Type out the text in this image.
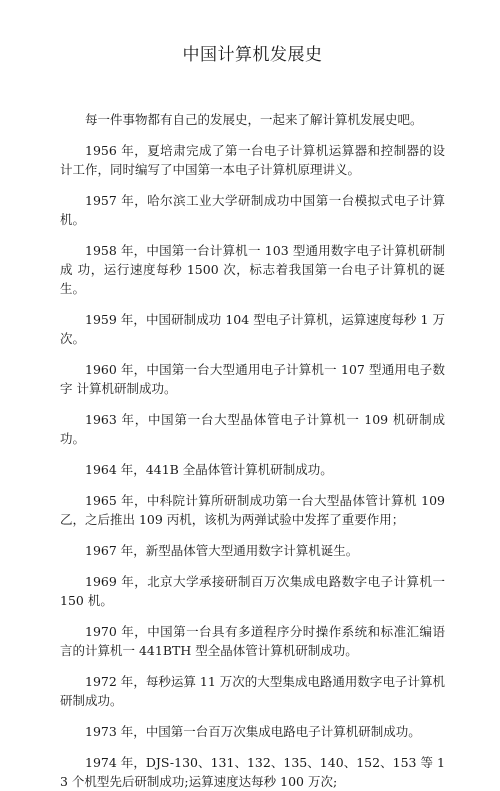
中国计算机发展史

每一件事物都有自己的发展史，一起来了解计算机发展史吧。

1956 年，夏培肃完成了第一台电子计算机运算器和控制器的设 计工作，同时编写了中国第一本电子计算机原理讲义。

1957 年，哈尔滨工业大学研制成功中国第一台模拟式电子计算 机。

1958 年，中国第一台计算机一 103 型通用数字电子计算机研制成 功，运行速度每秒 1500 次，标志着我国第一台电子计算机的诞生。

1959 年，中国研制成功 104 型电子计算机，运算速度每秒 1 万 次。

1960 年，中国第一台大型通用电子计算机一 107 型通用电子数字 计算机研制成功。

1963 年，中国第一台大型晶体管电子计算机一 109 机研制成功。

1964 年，441B 全晶体管计算机研制成功。

1965 年，中科院计算所研制成功第一台大型晶体管计算机 109 乙，之后推出 109 丙机，该机为两弹试验中发挥了重要作用；

1967 年，新型晶体管大型通用数字计算机诞生。

1969 年，北京大学承接研制百万次集成电路数字电子计算机一 150 机。

1970 年，中国第一台具有多道程序分时操作系统和标准汇编语 言的计算机一 441BTH 型全晶体管计算机研制成功。

1972 年，每秒运算 11 万次的大型集成电路通用数字电子计算机 研制成功。

1973 年，中国第一台百万次集成电路电子计算机研制成功。

1974 年，DJS-130、131、132、135、140、152、153 等 13 个机型先后研制成功;运算速度达每秒 100 万次;
